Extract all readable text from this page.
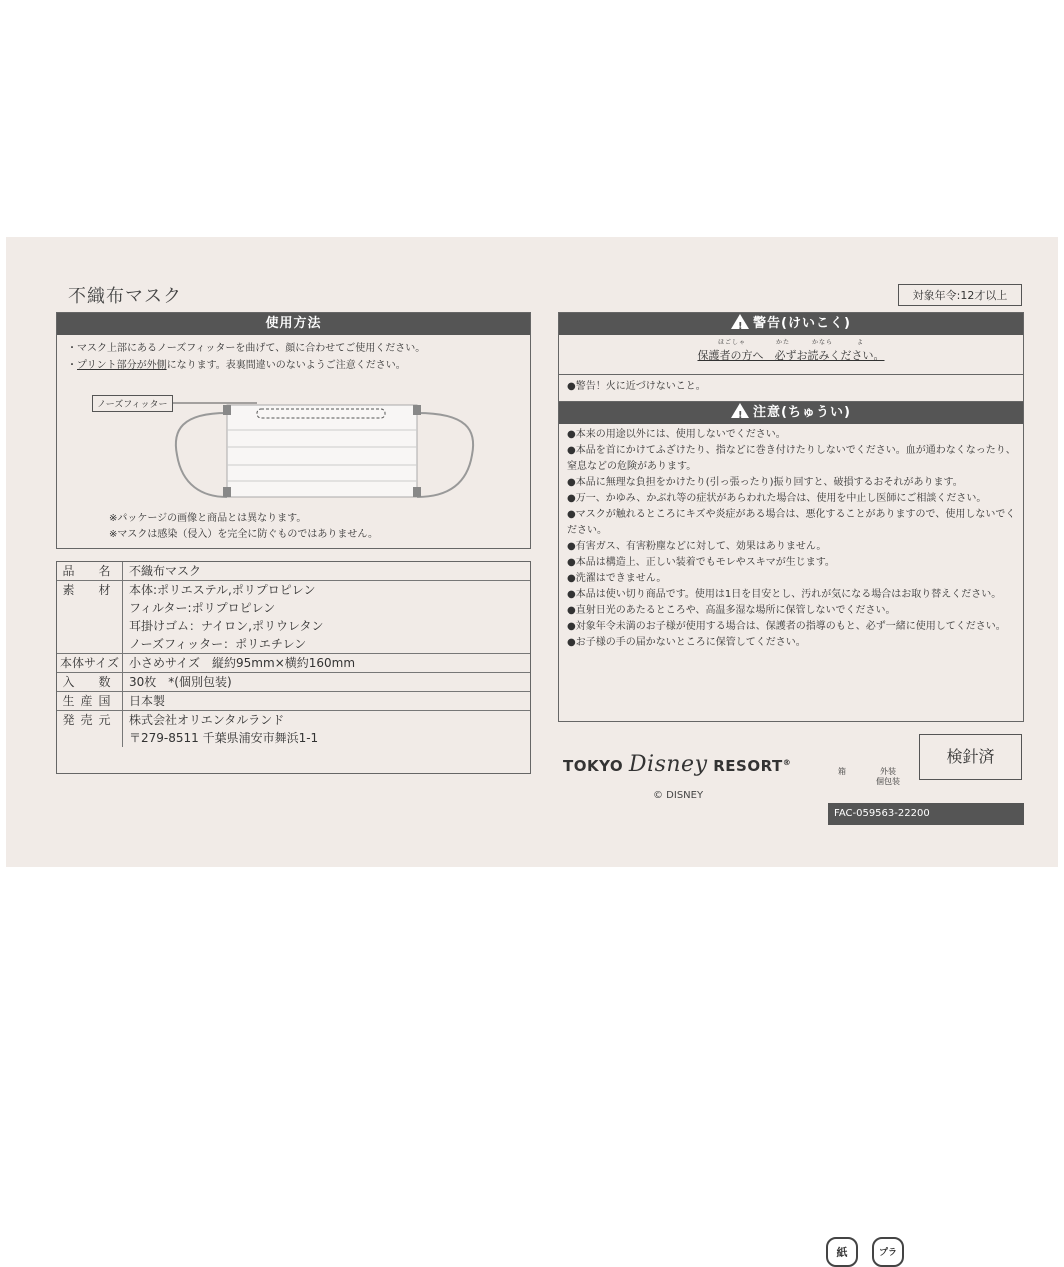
不織布マスク	対象年令:12才以上
使用方法
・マスク上部にあるノーズフィッターを曲げて、顔に合わせてご使用ください。
・プリント部分が外側になります。表裏間違いのないようご注意ください。
ノーズフィッター
※パッケージの画像と商品とは異なります。
※マスクは感染（侵入）を完全に防ぐものではありません。
品　名	不織布マスク

素　材	本体:ポリエステル,ポリプロピレン
フィルター:ポリプロピレン
耳掛けゴム：ナイロン,ポリウレタン
ノーズフィッター：ポリエチレン

本体サイズ	小さめサイズ　縦約95mm×横約160mm

入　数	30枚　*(個別包装)

生産国	日本製

発売元	株式会社オリエンタルランド
〒279-8511 千葉県浦安市舞浜1-1
! 警告(けいこく)
ほごしゃ	かた	かなら	よ
保護者の方へ　必ずお読みください。
●警告！火に近づけないこと。
! 注意(ちゅうい)
●本来の用途以外には、使用しないでください。
●本品を首にかけてふざけたり、指などに巻き付けたりしないでください。血が通わなくなったり、窒息などの危険があります。
●本品に無理な負担をかけたり(引っ張ったり)振り回すと、破損するおそれがあります。
●万一、かゆみ、かぶれ等の症状があらわれた場合は、使用を中止し医師にご相談ください。
●マスクが触れるところにキズや炎症がある場合は、悪化することがありますので、使用しないでください。
●有害ガス、有害粉塵などに対して、効果はありません。
●本品は構造上、正しい装着でもモレやスキマが生じます。
●洗濯はできません。
●本品は使い切り商品です。使用は1日を目安とし、汚れが気になる場合はお取り替えください。
●直射日光のあたるところや、高温多湿な場所に保管しないでください。
●対象年令未満のお子様が使用する場合は、保護者の指導のもと、必ず一緒に使用してください。
●お子様の手の届かないところに保管してください。
TOKYO Disney RESORT®
© DISNEY
紙
箱
プラ
外装
個包装
検針済
FAC-059563-22200
